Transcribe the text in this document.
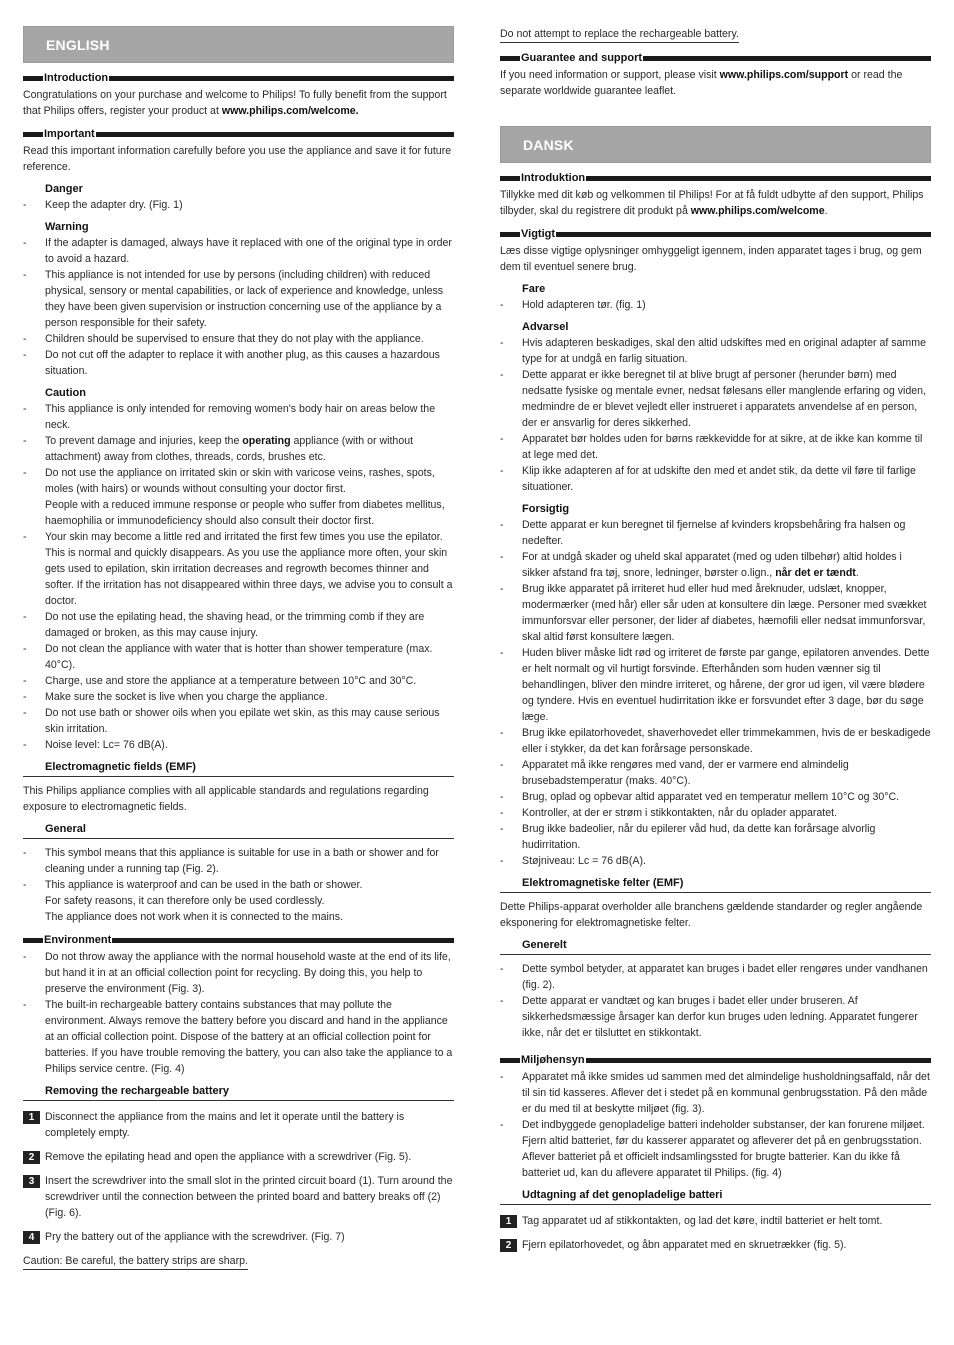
ENGLISH
Introduction

Congratulations on your purchase and welcome to Philips! To fully benefit from the support that Philips offers, register your product at www.philips.com/welcome.

Important

Read this important information carefully before you use the appliance and save it for future reference.

Danger
- Keep the adapter dry. (Fig. 1)
Warning
- If the adapter is damaged, always have it replaced with one of the original type in order to avoid a hazard.
- This appliance is not intended for use by persons (including children) with reduced physical, sensory or mental capabilities, or lack of experience and knowledge, unless they have been given supervision or instruction concerning use of the appliance by a person responsible for their safety.
- Children should be supervised to ensure that they do not play with the appliance.
- Do not cut off the adapter to replace it with another plug, as this causes a hazardous situation.
Caution
- This appliance is only intended for removing women's body hair on areas below the neck.
- To prevent damage and injuries, keep the operating appliance (with or without attachment) away from clothes, threads, cords, brushes etc.
- Do not use the appliance on irritated skin or skin with varicose veins, rashes, spots, moles (with hairs) or wounds without consulting your doctor first.
People with a reduced immune response or people who suffer from diabetes mellitus, haemophilia or immunodeficiency should also consult their doctor first.
- Your skin may become a little red and irritated the first few times you use the epilator. This is normal and quickly disappears. As you use the appliance more often, your skin gets used to epilation, skin irritation decreases and regrowth becomes thinner and softer. If the irritation has not disappeared within three days, we advise you to consult a doctor.
- Do not use the epilating head, the shaving head, or the trimming comb if they are damaged or broken, as this may cause injury.
- Do not clean the appliance with water that is hotter than shower temperature (max. 40°C).
- Charge, use and store the appliance at a temperature between 10°C and 30°C.
- Make sure the socket is live when you charge the appliance.
- Do not use bath or shower oils when you epilate wet skin, as this may cause serious skin irritation.
- Noise level: Lc= 76 dB(A).
Electromagnetic fields (EMF)

This Philips appliance complies with all applicable standards and regulations regarding exposure to electromagnetic fields.

General
- This symbol means that this appliance is suitable for use in a bath or shower and for cleaning under a running tap (Fig. 2).
- This appliance is waterproof and can be used in the bath or shower.
For safety reasons, it can therefore only be used cordlessly.
The appliance does not work when it is connected to the mains.
Environment
- Do not throw away the appliance with the normal household waste at the end of its life, but hand it in at an official collection point for recycling. By doing this, you help to preserve the environment (Fig. 3).
- The built-in rechargeable battery contains substances that may pollute the environment. Always remove the battery before you discard and hand in the appliance at an official collection point. Dispose of the battery at an official collection point for batteries. If you have trouble removing the battery, you can also take the appliance to a Philips service centre. (Fig. 4)
Removing the rechargeable battery
1	Disconnect the appliance from the mains and let it operate until the battery is completely empty.
2	Remove the epilating head and open the appliance with a screwdriver (Fig. 5).
3	Insert the screwdriver into the small slot in the printed circuit board (1). Turn around the screwdriver until the connection between the printed board and battery breaks off (2) (Fig. 6).
4	Pry the battery out of the appliance with the screwdriver. (Fig. 7)
Caution: Be careful, the battery strips are sharp.
Do not attempt to replace the rechargeable battery.
Guarantee and support

If you need information or support, please visit www.philips.com/support or read the separate worldwide guarantee leaflet.

DANSK
Introduktion

Tillykke med dit køb og velkommen til Philips! For at få fuldt udbytte af den support, Philips tilbyder, skal du registrere dit produkt på www.philips.com/welcome.

Vigtigt

Læs disse vigtige oplysninger omhyggeligt igennem, inden apparatet tages i brug, og gem dem til eventuel senere brug.

Fare
- Hold adapteren tør. (fig. 1)
Advarsel
- Hvis adapteren beskadiges, skal den altid udskiftes med en original adapter af samme type for at undgå en farlig situation.
- Dette apparat er ikke beregnet til at blive brugt af personer (herunder børn) med nedsatte fysiske og mentale evner, nedsat følesans eller manglende erfaring og viden, medmindre de er blevet vejledt eller instrueret i apparatets anvendelse af en person, der er ansvarlig for deres sikkerhed.
- Apparatet bør holdes uden for børns rækkevidde for at sikre, at de ikke kan komme til at lege med det.
- Klip ikke adapteren af for at udskifte den med et andet stik, da dette vil føre til farlige situationer.
Forsigtig
- Dette apparat er kun beregnet til fjernelse af kvinders kropsbehåring fra halsen og nedefter.
- For at undgå skader og uheld skal apparatet (med og uden tilbehør) altid holdes i sikker afstand fra tøj, snore, ledninger, børster o.lign., når det er tændt.
- Brug ikke apparatet på irriteret hud eller hud med åreknuder, udslæt, knopper, modermærker (med hår) eller sår uden at konsultere din læge. Personer med svækket immunforsvar eller personer, der lider af diabetes, hæmofili eller nedsat immunforsvar, skal altid først konsultere lægen.
- Huden bliver måske lidt rød og irriteret de første par gange, epilatoren anvendes. Dette er helt normalt og vil hurtigt forsvinde. Efterhånden som huden vænner sig til behandlingen, bliver den mindre irriteret, og hårene, der gror ud igen, vil være blødere og tyndere. Hvis en eventuel hudirritation ikke er forsvundet efter 3 dage, bør du søge læge.
- Brug ikke epilatorhovedet, shaverhovedet eller trimmekammen, hvis de er beskadigede eller i stykker, da det kan forårsage personskade.
- Apparatet må ikke rengøres med vand, der er varmere end almindelig brusebadstemperatur (maks. 40°C).
- Brug, oplad og opbevar altid apparatet ved en temperatur mellem 10°C og 30°C.
- Kontroller, at der er strøm i stikkontakten, når du oplader apparatet.
- Brug ikke badeolier, når du epilerer våd hud, da dette kan forårsage alvorlig hudirritation.
- Støjniveau: Lc = 76 dB(A).
Elektromagnetiske felter (EMF)

Dette Philips-apparat overholder alle branchens gældende standarder og regler angående eksponering for elektromagnetiske felter.

Generelt
- Dette symbol betyder, at apparatet kan bruges i badet eller rengøres under vandhanen (fig. 2).
- Dette apparat er vandtæt og kan bruges i badet eller under bruseren. Af sikkerhedsmæssige årsager kan derfor kun bruges uden ledning. Apparatet fungerer ikke, når det er tilsluttet en stikkontakt.
Miljøhensyn
- Apparatet må ikke smides ud sammen med det almindelige husholdningsaffald, når det til sin tid kasseres. Aflever det i stedet på en kommunal genbrugsstation. På den måde er du med til at beskytte miljøet (fig. 3).
- Det indbyggede genopladelige batteri indeholder substanser, der kan forurene miljøet. Fjern altid batteriet, før du kasserer apparatet og afleverer det på en genbrugsstation. Aflever batteriet på et officielt indsamlingssted for brugte batterier. Kan du ikke få batteriet ud, kan du aflevere apparatet til Philips. (fig. 4)
Udtagning af det genopladelige batteri
1	Tag apparatet ud af stikkontakten, og lad det køre, indtil batteriet er helt tomt.
2	Fjern epilatorhovedet, og åbn apparatet med en skruetrækker (fig. 5).
